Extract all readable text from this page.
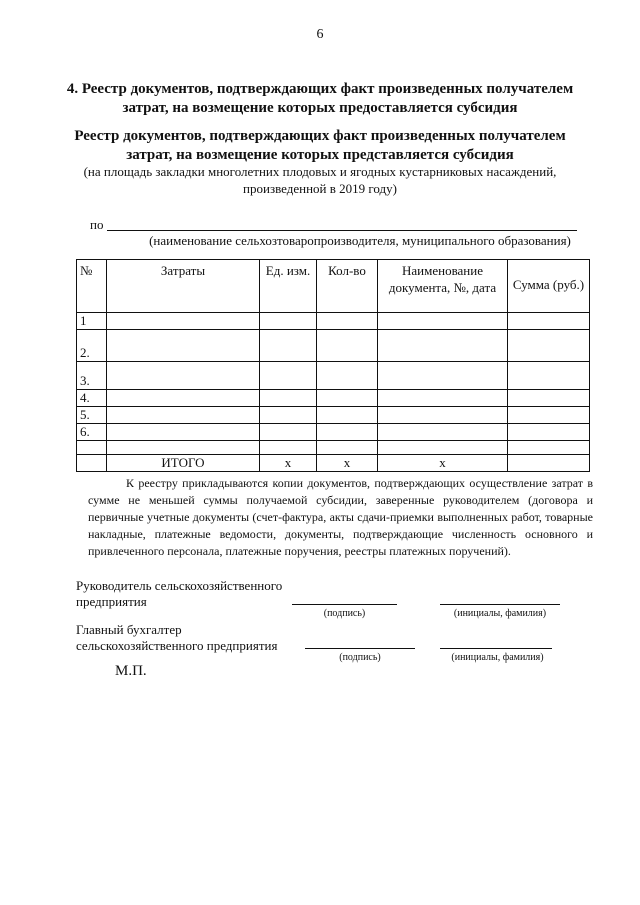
6
4. Реестр документов, подтверждающих факт произведенных получателем
затрат, на возмещение которых предоставляется субсидия
Реестр документов, подтверждающих факт произведенных получателем
затрат, на возмещение которых представляется субсидия
(на площадь закладки многолетних плодовых и ягодных кустарниковых насаждений,
произведенной в 2019 году)
по
(наименование сельхозтоваропроизводителя, муниципального образования)
№	Затраты	Ед. изм.	Кол-во	Наименование документа, №, дата	Сумма (руб.)
1					
2.					
3.					
4.					
5.					
6.					

	ИТОГО	х	х	х	
К реестру прикладываются копии документов, подтверждающих осуществление затрат в сумме не меньшей суммы получаемой субсидии, заверенные руководителем (договора и первичные учетные документы (счет-фактура, акты сдачи-приемки выполненных работ, товарные накладные, платежные ведомости, документы, подтверждающие численность основного и привлеченного персонала, платежные поручения, реестры платежных поручений).
Руководитель сельскохозяйственного
предприятия
(подпись)	(инициалы, фамилия)
Главный бухгалтер
сельскохозяйственного предприятия
(подпись)	(инициалы, фамилия)
М.П.
